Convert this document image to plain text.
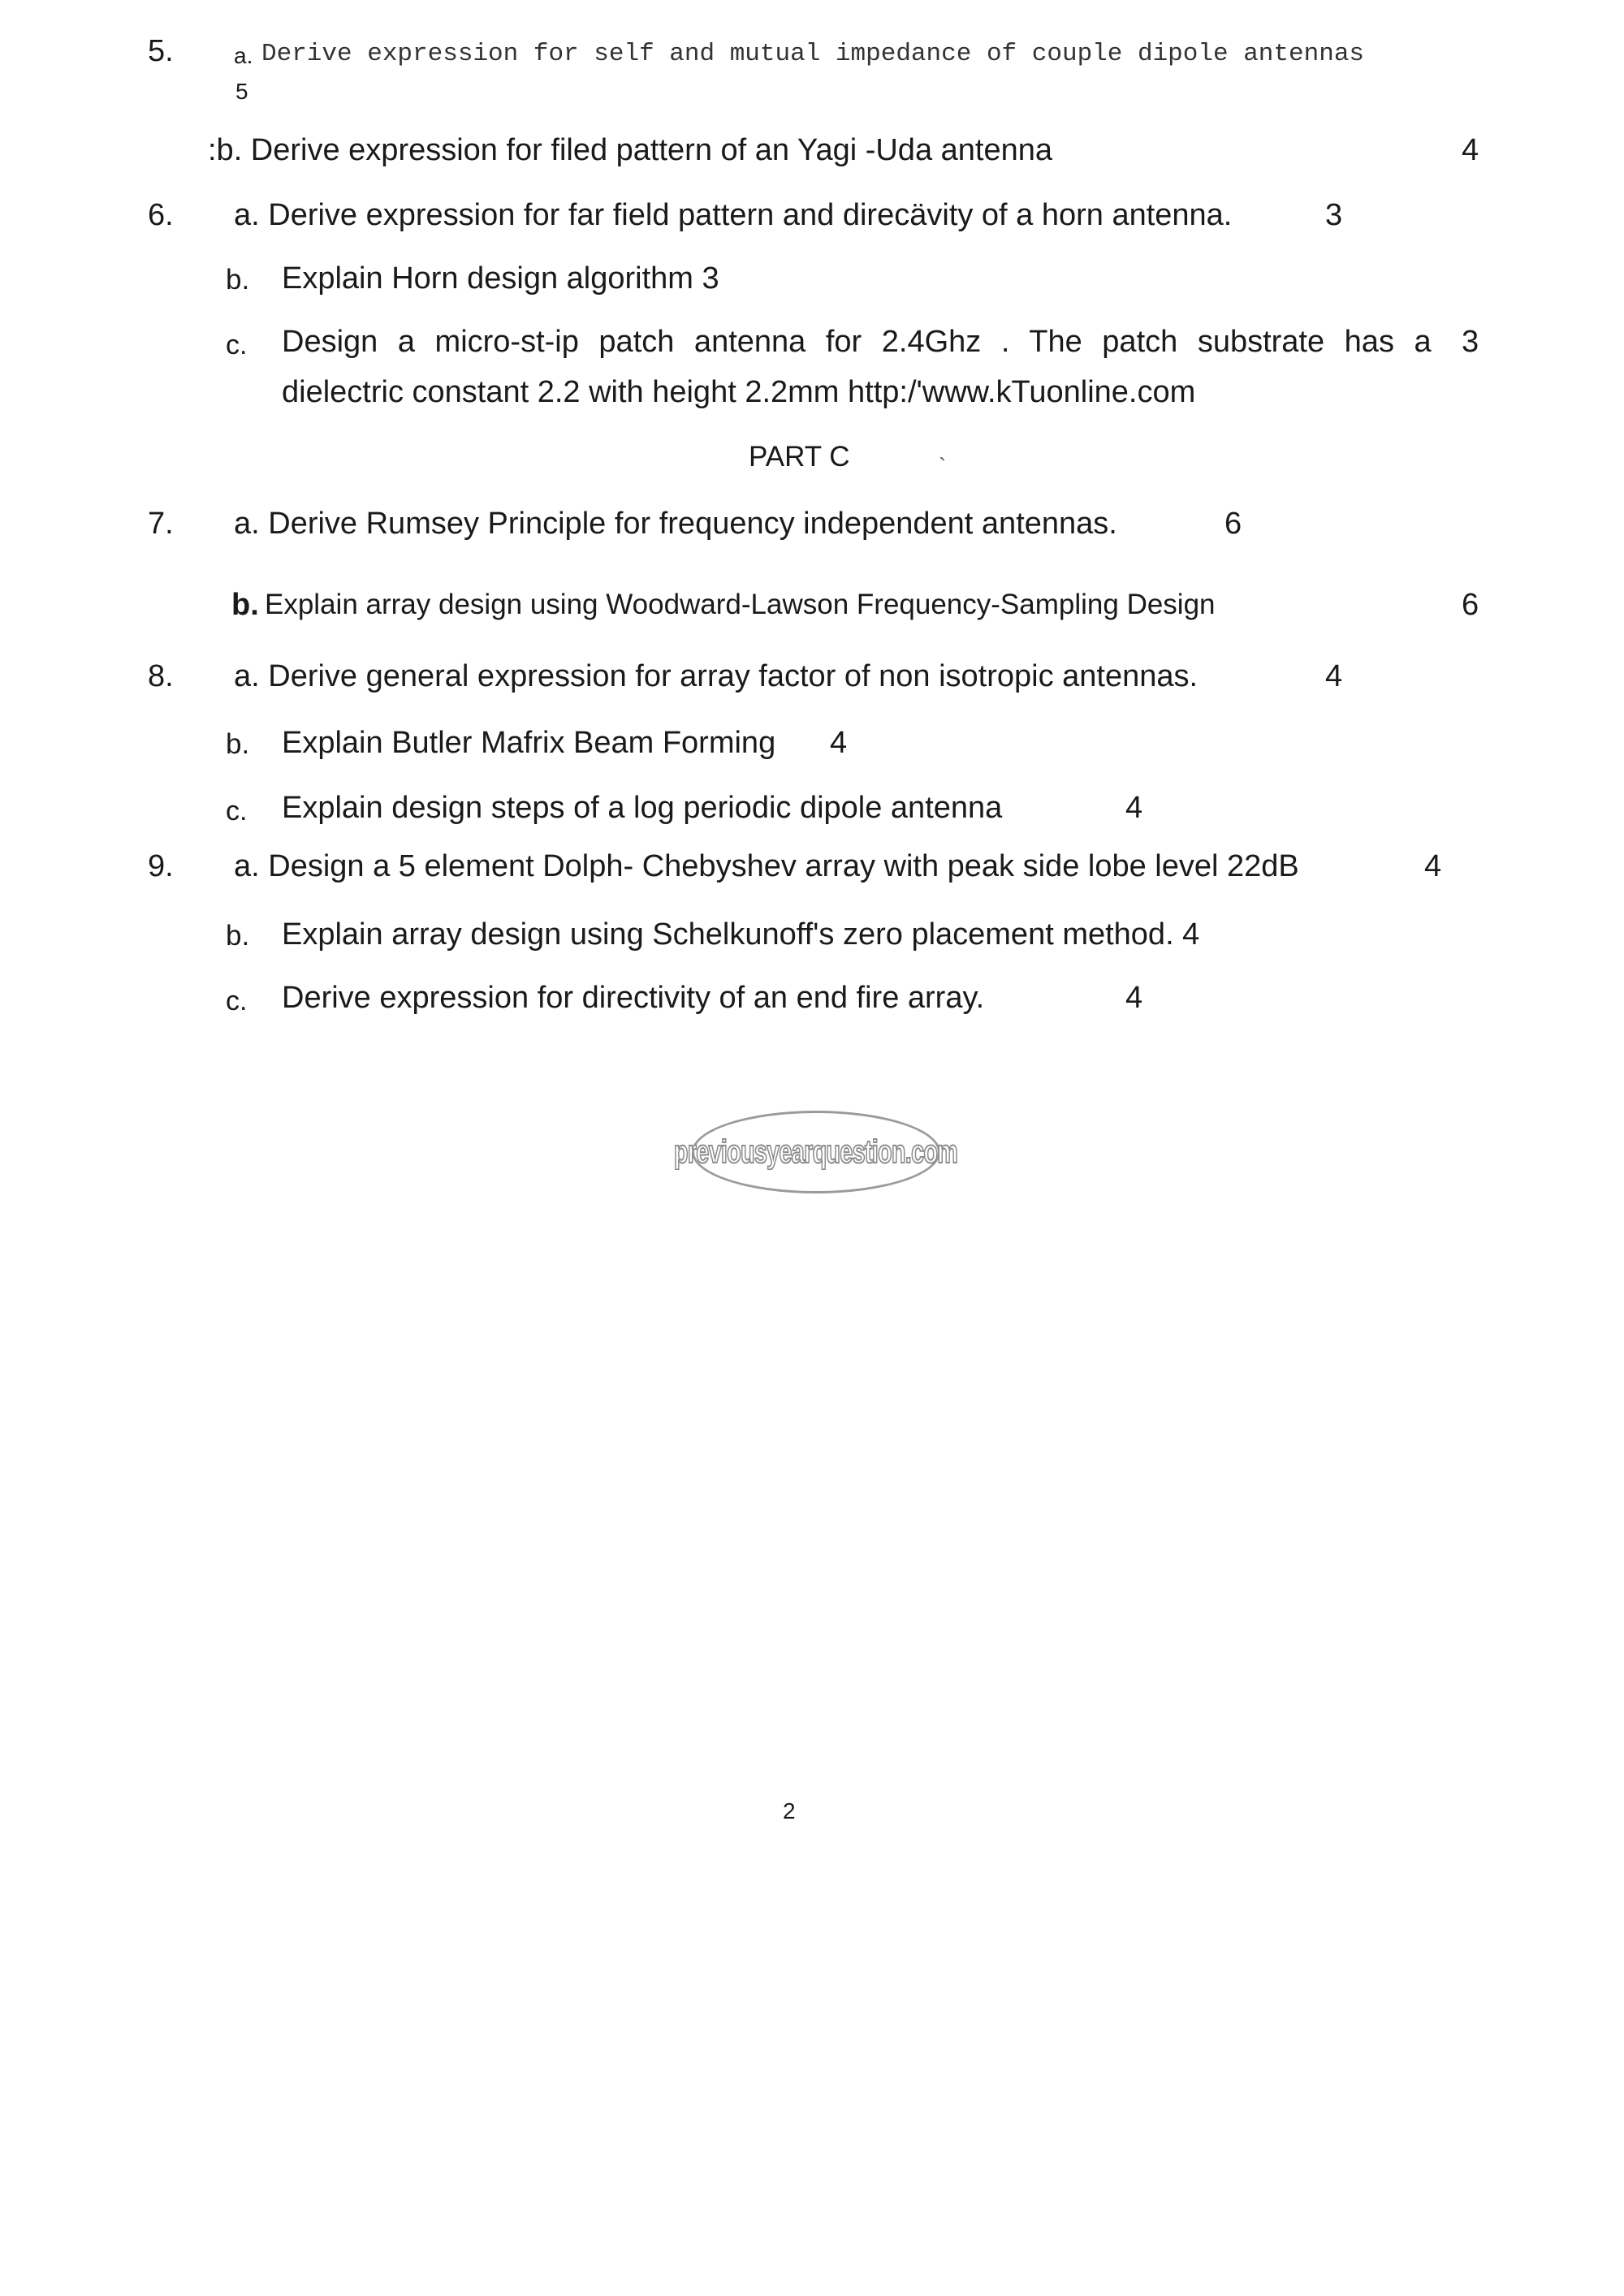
5.	a. Derive expression for self and mutual impedance of couple dipole antennas
5
:b. Derive expression for filed pattern of an Yagi -Uda antenna	4
6. a. Derive expression for far field pattern and direcävity of a horn antenna.	3
b. Explain Horn design algorithm 3
c. Design a micro-st-ip patch antenna for 2.4Ghz . The patch substrate has a 3
dielectric constant 2.2 with height 2.2mm http:/'www.kTuonline.com
PART C	`
7. a. Derive Rumsey Principle for frequency independent antennas.	6
b. Explain array design using Woodward-Lawson Frequency-Sampling Design	6
8. a. Derive general expression for array factor of non isotropic antennas.	4
b. Explain Butler Mafrix Beam Forming 4
c. Explain design steps of a log periodic dipole antenna	4
9. a. Design a 5 element Dolph- Chebyshev array with peak side lobe level 22dB	4
b. Explain array design using Schelkunoff's zero placement method. 4
c. Derive expression for directivity of an end fire array.	4
previousyearquestion.com
2
